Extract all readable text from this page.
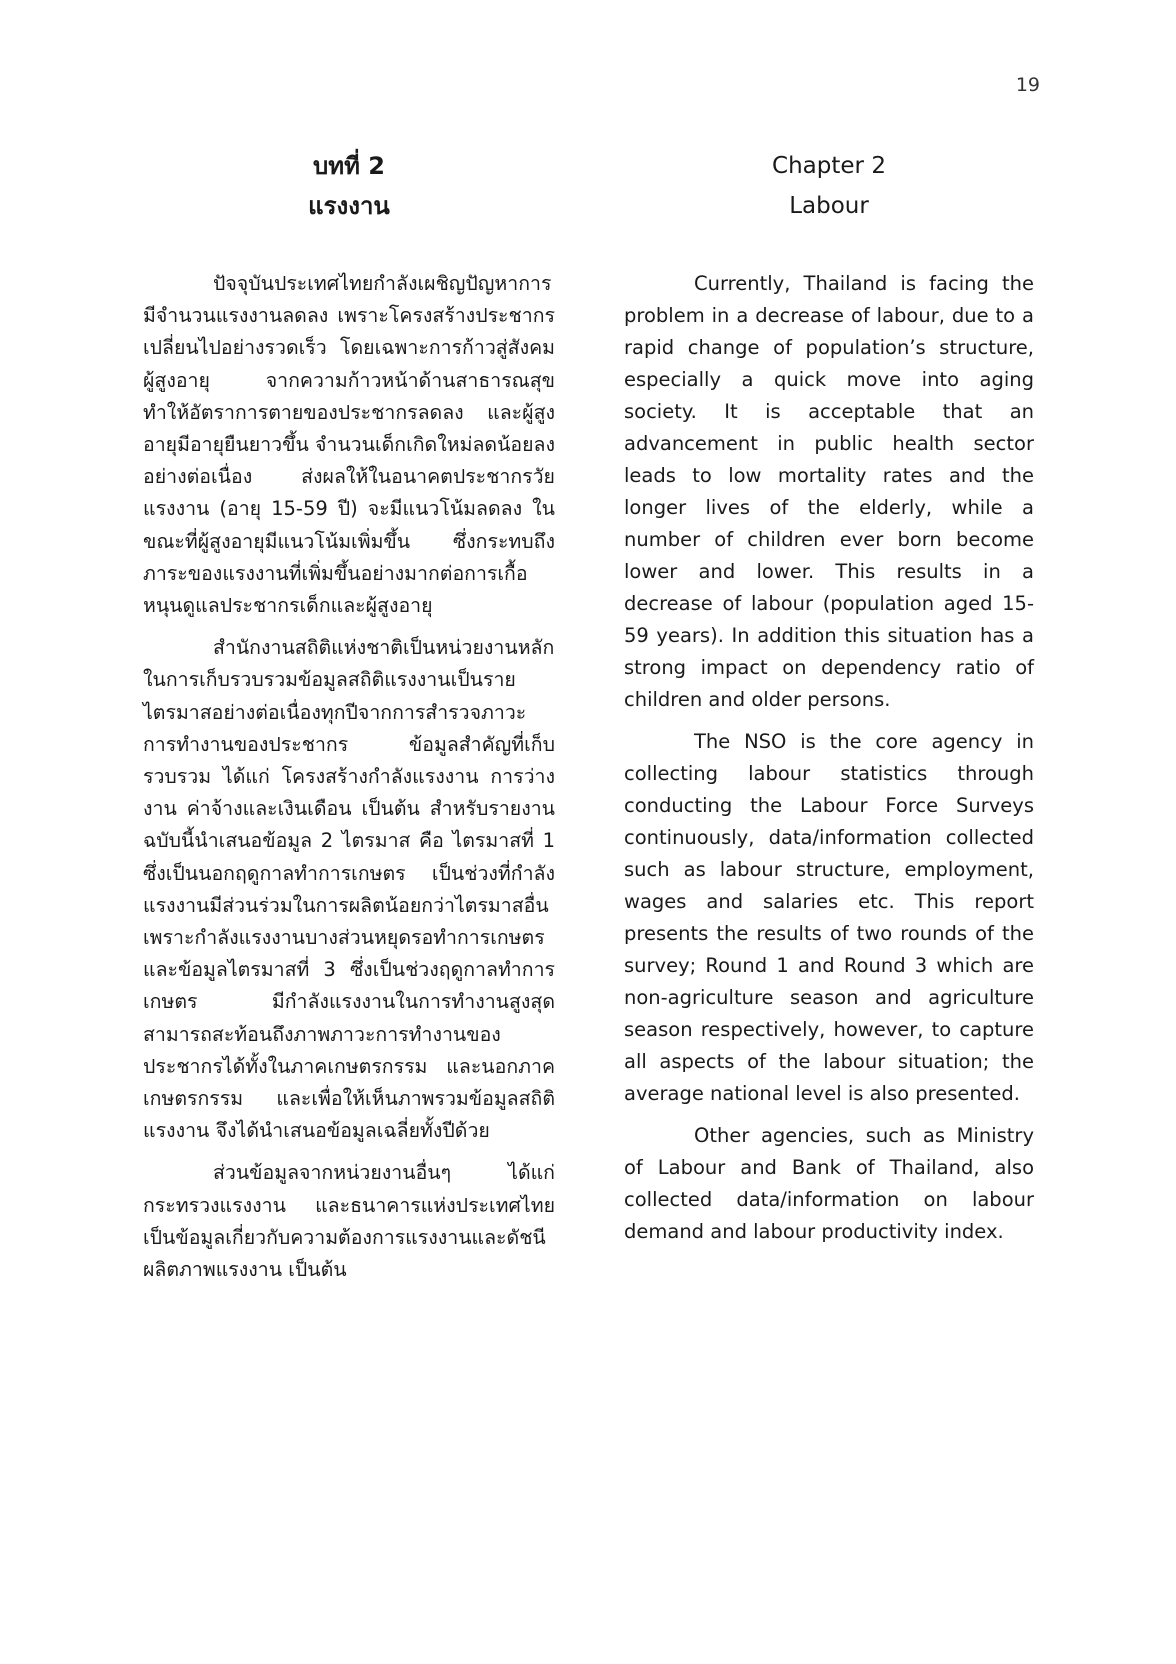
19

บทที่ 2

แรงงาน

ปัจจุบันประเทศไทยกำลังเผชิญปัญหาการมีจำนวนแรงงานลดลง เพราะโครงสร้างประชากรเปลี่ยนไปอย่างรวดเร็ว โดยเฉพาะการก้าวสู่สังคมผู้สูงอายุ จากความก้าวหน้าด้านสาธารณสุข ทำให้อัตราการตายของประชากรลดลง และผู้สูงอายุมีอายุยืนยาวขึ้น จำนวนเด็กเกิดใหม่ลดน้อยลงอย่างต่อเนื่อง ส่งผลให้ในอนาคตประชากรวัยแรงงาน (อายุ 15-59 ปี) จะมีแนวโน้มลดลง ในขณะที่ผู้สูงอายุมีแนวโน้มเพิ่มขึ้น ซึ่งกระทบถึงภาระของแรงงานที่เพิ่มขึ้นอย่างมากต่อการเกื้อหนุนดูแลประชากรเด็กและผู้สูงอายุ

สำนักงานสถิติแห่งชาติเป็นหน่วยงานหลักในการเก็บรวบรวมข้อมูลสถิติแรงงานเป็นรายไตรมาสอย่างต่อเนื่องทุกปีจากการสำรวจภาวะการทำงานของประชากร ข้อมูลสำคัญที่เก็บรวบรวม ได้แก่ โครงสร้างกำลังแรงงาน การว่างงาน ค่าจ้างและเงินเดือน เป็นต้น สำหรับรายงานฉบับนี้นำเสนอข้อมูล 2 ไตรมาส คือ ไตรมาสที่ 1 ซึ่งเป็นนอกฤดูกาลทำการเกษตร เป็นช่วงที่กำลังแรงงานมีส่วนร่วมในการผลิตน้อยกว่าไตรมาสอื่นเพราะกำลังแรงงานบางส่วนหยุดรอทำการเกษตร และข้อมูลไตรมาสที่ 3 ซึ่งเป็นช่วงฤดูกาลทำการเกษตร มีกำลังแรงงานในการทำงานสูงสุด สามารถสะท้อนถึงภาพภาวะการทำงานของประชากรได้ทั้งในภาคเกษตรกรรม และนอกภาคเกษตรกรรม และเพื่อให้เห็นภาพรวมข้อมูลสถิติแรงงาน จึงได้นำเสนอข้อมูลเฉลี่ยทั้งปีด้วย

ส่วนข้อมูลจากหน่วยงานอื่นๆ ได้แก่ กระทรวงแรงงาน และธนาคารแห่งประเทศไทย เป็นข้อมูลเกี่ยวกับความต้องการแรงงานและดัชนีผลิตภาพแรงงาน เป็นต้น

Chapter 2

Labour

Currently, Thailand is facing the problem in a decrease of labour, due to a rapid change of population’s structure, especially a quick move into aging society. It is acceptable that an advancement in public health sector leads to low mortality rates and the longer lives of the elderly, while a number of children ever born become lower and lower. This results in a decrease of labour (population aged 15-59 years). In addition this situation has a strong impact on dependency ratio of children and older persons.

The NSO is the core agency in collecting labour statistics through conducting the Labour Force Surveys continuously, data/information collected such as labour structure, employment, wages and salaries etc. This report presents the results of two rounds of the survey; Round 1 and Round 3 which are non-agriculture season and agriculture season respectively, however, to capture all aspects of the labour situation; the average national level is also presented.

Other agencies, such as Ministry of Labour and Bank of Thailand, also collected data/information on labour demand and labour productivity index.
